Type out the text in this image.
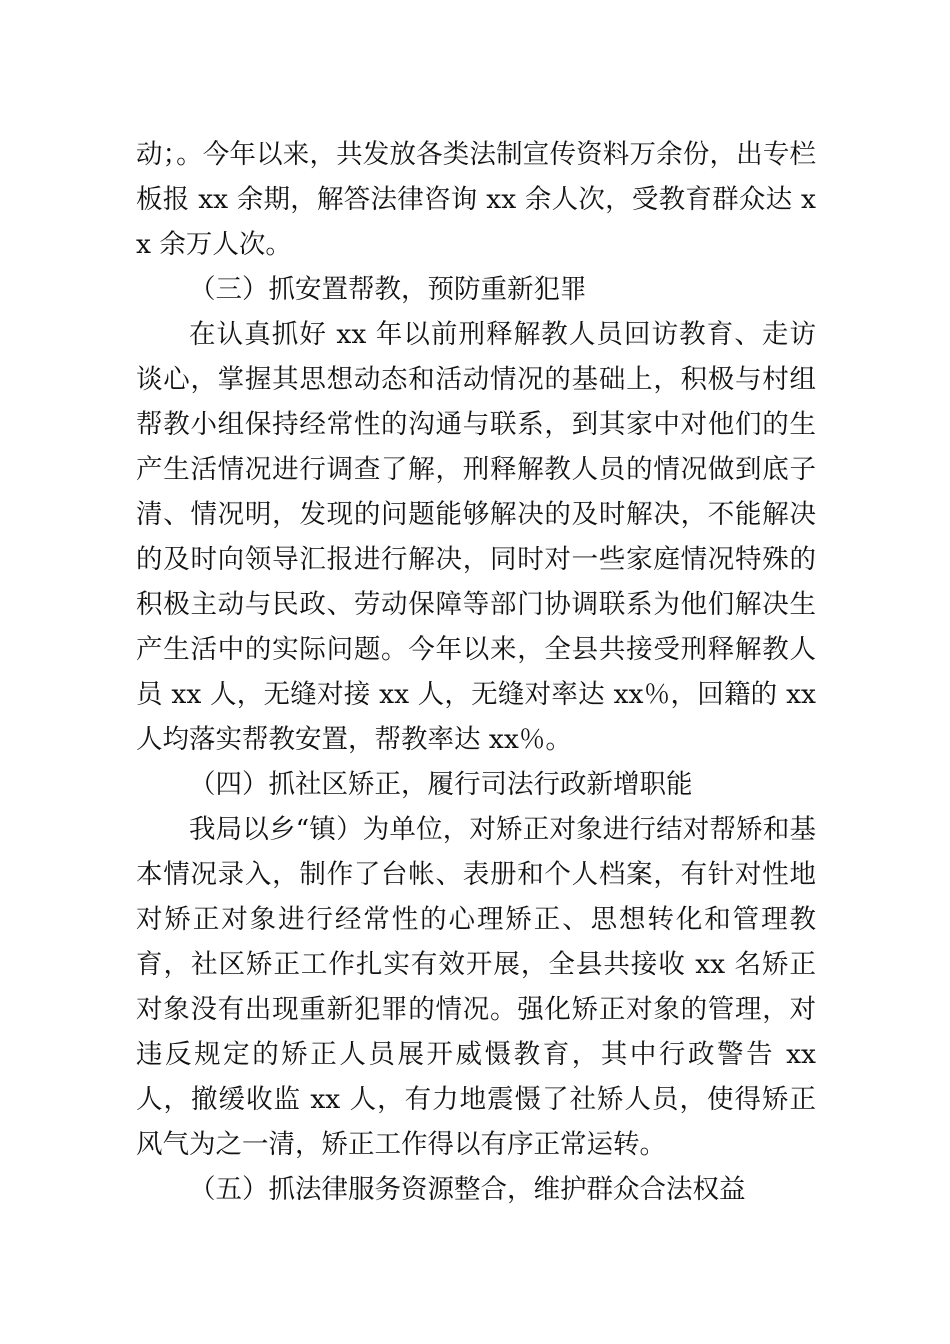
动；。今年以来，共发放各类法制宣传资料万余份，出专栏板报 xx 余期，解答法律咨询 xx 余人次，受教育群众达 xx 余万人次。

（三）抓安置帮教，预防重新犯罪

在认真抓好 xx 年以前刑释解教人员回访教育、走访谈心，掌握其思想动态和活动情况的基础上，积极与村组帮教小组保持经常性的沟通与联系，到其家中对他们的生产生活情况进行调查了解，刑释解教人员的情况做到底子清、情况明，发现的问题能够解决的及时解决，不能解决的及时向领导汇报进行解决，同时对一些家庭情况特殊的积极主动与民政、劳动保障等部门协调联系为他们解决生产生活中的实际问题。今年以来，全县共接受刑释解教人员 xx 人，无缝对接 xx 人，无缝对率达 xx％，回籍的 xx 人均落实帮教安置，帮教率达 xx％。

（四）抓社区矫正，履行司法行政新增职能

我局以乡“镇）为单位，对矫正对象进行结对帮矫和基本情况录入，制作了台帐、表册和个人档案，有针对性地对矫正对象进行经常性的心理矫正、思想转化和管理教育，社区矫正工作扎实有效开展，全县共接收 xx 名矫正对象没有出现重新犯罪的情况。强化矫正对象的管理，对违反规定的矫正人员展开威慑教育，其中行政警告 xx 人，撤缓收监 xx 人，有力地震慑了社矫人员，使得矫正风气为之一清，矫正工作得以有序正常运转。

（五）抓法律服务资源整合，维护群众合法权益
